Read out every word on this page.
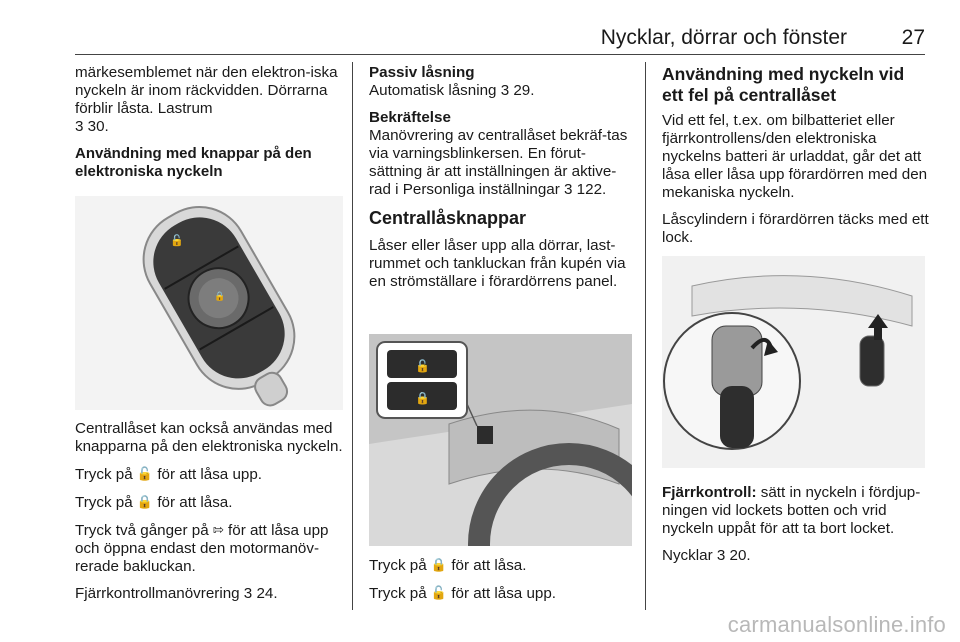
Nycklar, dörrar och fönster	27

märkesemblemet när den elektron-iska nyckeln är inom räckvidden. Dörrarna förblir låsta. Lastrum
3 30.

Användning med knappar på den elektroniska nyckeln
🔓
🔒

Centrallåset kan också användas med knapparna på den elektroniska nyckeln.

Tryck på 🔓 för att låsa upp.

Tryck på 🔒 för att låsa.

Tryck två gånger på ⇰ för att låsa upp och öppna endast den motormanöv-rerade bakluckan.

Fjärrkontrollmanövrering 3 24.

Passiv låsning
Automatisk låsning 3 29.

Bekräftelse
Manövrering av centrallåset bekräf-tas via varningsblinkersen. En förut-sättning är att inställningen är aktive-rad i Personliga inställningar 3 122.

Centrallåsknappar

Låser eller låser upp alla dörrar, last-rummet och tankluckan från kupén via en strömställare i förardörrens panel.

🔓
🔒

Tryck på 🔒 för att låsa.

Tryck på 🔓 för att låsa upp.

Användning med nyckeln vid ett fel på centrallåset

Vid ett fel, t.ex. om bilbatteriet eller fjärrkontrollens/den elektroniska nyckelns batteri är urladdat, går det att låsa eller låsa upp förardörren med den mekaniska nyckeln.

Låscylindern i förardörren täcks med ett lock.

Fjärrkontroll: sätt in nyckeln i fördjup-ningen vid lockets botten och vrid nyckeln uppåt för att ta bort locket.

Nycklar 3 20.

carmanualsonline.info
